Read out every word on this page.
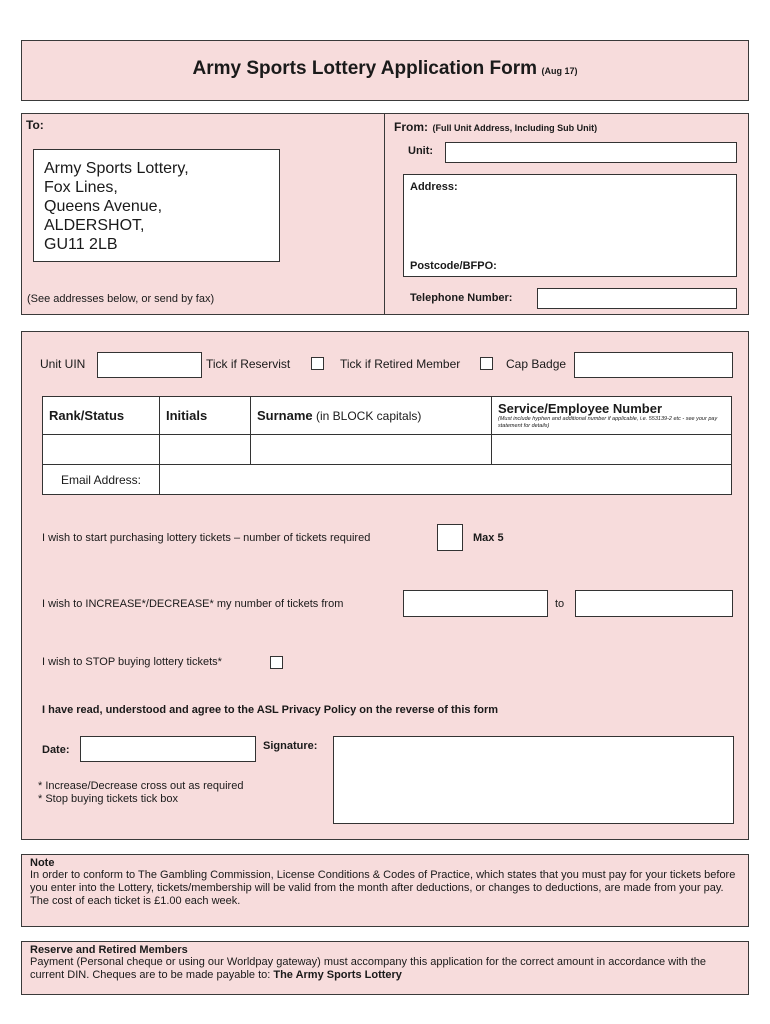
Army Sports Lottery Application Form (Aug 17)
To:
Army Sports Lottery,
Fox Lines,
Queens Avenue,
ALDERSHOT,
GU11 2LB
(See addresses below, or send by fax)
From: (Full Unit Address, Including Sub Unit)
Unit:
Address:
Postcode/BFPO:
Telephone Number:
Unit UIN	Tick if Reservist	Tick if Retired Member	Cap Badge
Rank/Status	Initials	Surname (in BLOCK capitals)	Service/Employee Number
(Must include hyphen and additional number if applicable, i.e. 553139-2 etc - see your pay statement for details)

Email Address:			
I wish to start purchasing lottery tickets – number of tickets required	Max 5
I wish to INCREASE*/DECREASE* my number of tickets from	to
I wish to STOP buying lottery tickets*
I have read, understood and agree to the ASL Privacy Policy on the reverse of this form
Date:	Signature:
* Increase/Decrease cross out as required
* Stop buying tickets tick box
Note
In order to conform to The Gambling Commission, License Conditions & Codes of Practice, which states that you must pay for your tickets before you enter into the Lottery, tickets/membership will be valid from the month after deductions, or changes to deductions, are made from your pay. The cost of each ticket is £1.00 each week.
Reserve and Retired Members
Payment (Personal cheque or using our Worldpay gateway) must accompany this application for the correct amount in accordance with the current DIN. Cheques are to be made payable to: The Army Sports Lottery
